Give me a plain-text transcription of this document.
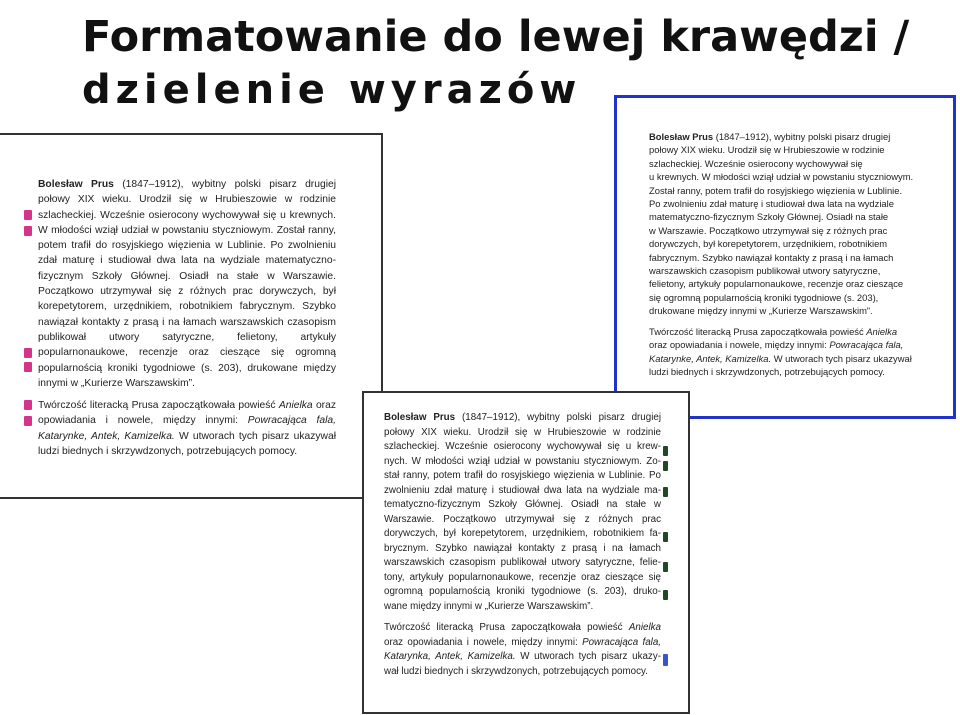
Formatowanie do lewej krawędzi /
dzielenie wyrazów

Bolesław Prus (1847–1912), wybitny polski pisarz drugiej połowy XIX wieku. Urodził się w Hrubieszowie w rodzinie szlacheckiej. Wcześnie osierocony wychowywał się u krewnych. W młodości wziął udział w powstaniu styczniowym. Został ranny, potem trafił do rosyjskiego więzienia w Lublinie. Po zwolnieniu zdał maturę i studiował dwa lata na wydziale matematyczno-fizycznym Szkoły Głównej. Osiadł na stałe w Warszawie. Początkowo utrzymywał się z różnych prac dorywczych, był korepetytorem, urzędnikiem, robotnikiem fabrycznym. Szybko nawiązał kontakty z prasą i na łamach warszawskich czasopism publikował utwory satyryczne, felietony, artykuły popularnonaukowe, recenzje oraz cieszące się ogromną popularnością kroniki tygodniowe (s. 203), drukowane między innymi w „Kurierze Warszawskim”.

Twórczość literacką Prusa zapoczątkowała powieść Anielka oraz opowiadania i nowele, między innymi: Powracająca fala, Katarynke, Antek, Kamizelka. W utworach tych pisarz ukazywał ludzi biednych i skrzywdzonych, potrzebujących pomocy.

Bolesław Prus (1847–1912), wybitny polski pisarz drugiej
połowy XIX wieku. Urodził się w Hrubieszowie w rodzinie
szlacheckiej. Wcześnie osierocony wychowywał się
u krewnych. W młodości wziął udział w powstaniu styczniowym.
Został ranny, potem trafił do rosyjskiego więzienia w Lublinie.
Po zwolnieniu zdał maturę i studiował dwa lata na wydziale
matematyczno-fizycznym Szkoły Głównej. Osiadł na stałe
w Warszawie. Początkowo utrzymywał się z różnych prac
dorywczych, był korepetytorem, urzędnikiem, robotnikiem
fabrycznym. Szybko nawiązał kontakty z prasą i na łamach
warszawskich czasopism publikował utwory satyryczne,
felietony, artykuły popularnonaukowe, recenzje oraz cieszące
się ogromną popularnością kroniki tygodniowe (s. 203),
drukowane między innymi w „Kurierze Warszawskim”.

Twórczość literacką Prusa zapoczątkowała powieść Anielka
oraz opowiadania i nowele, między innymi: Powracająca fala,
Katarynke, Antek, Kamizelka. W utworach tych pisarz ukazywał
ludzi biednych i skrzywdzonych, potrzebujących pomocy.

Bolesław Prus (1847–1912), wybitny polski pisarz drugiej połowy XIX wieku. Urodził się w Hrubieszowie w rodzinie szlacheckiej. Wcześnie osierocony wychowywał się u krew-nych. W młodości wziął udział w powstaniu styczniowym. Zo-stał ranny, potem trafił do rosyjskiego więzienia w Lublinie. Po zwolnieniu zdał maturę i studiował dwa lata na wydziale ma-tematyczno-fizycznym Szkoły Głównej. Osiadł na stałe w Warszawie. Początkowo utrzymywał się z różnych prac dorywczych, był korepetytorem, urzędnikiem, robotnikiem fa-brycznym. Szybko nawiązał kontakty z prasą i na łamach warszawskich czasopism publikował utwory satyryczne, felie-tony, artykuły popularnonaukowe, recenzje oraz cieszące się ogromną popularnością kroniki tygodniowe (s. 203), druko-wane między innymi w „Kurierze Warszawskim”.

Twórczość literacką Prusa zapoczątkowała powieść Anielka oraz opowiadania i nowele, między innymi: Powracająca fala, Katarynka, Antek, Kamizelka. W utworach tych pisarz ukazy-wał ludzi biednych i skrzywdzonych, potrzebujących pomocy.
